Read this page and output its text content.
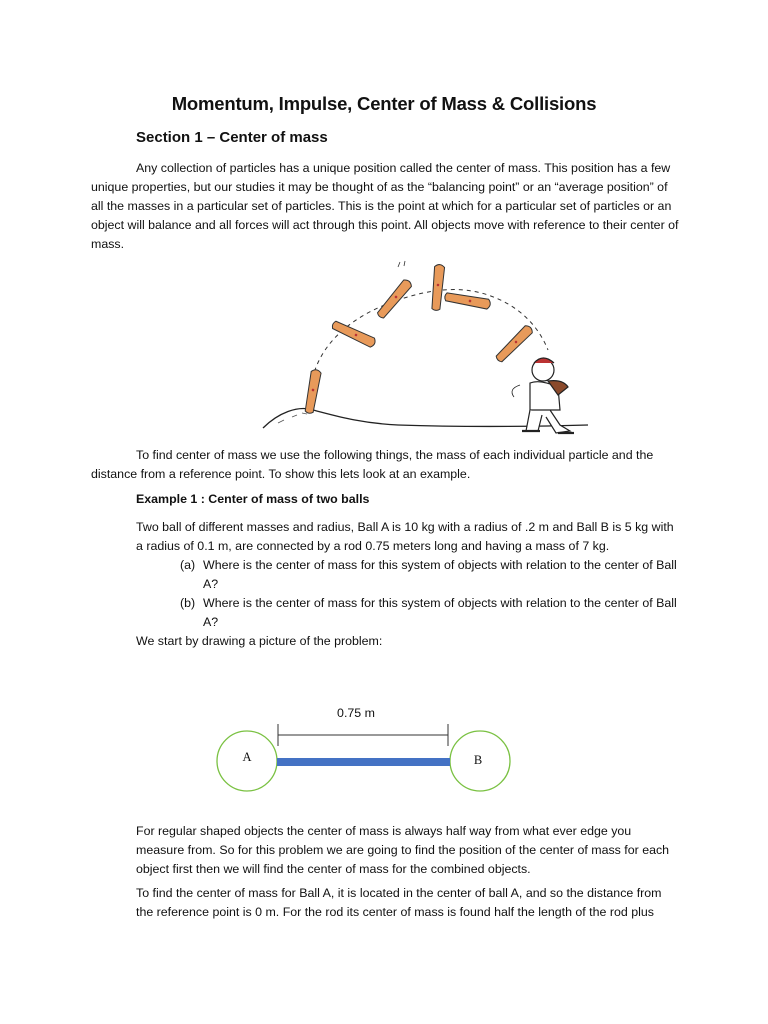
Momentum, Impulse, Center of Mass & Collisions
Section 1 – Center of mass
Any collection of particles has a unique position called the center of mass. This position has a few unique properties, but our studies it may be thought of as the “balancing point” or an “average position” of all the masses in a particular set of particles. This is the point at which for a particular set of particles or an object will balance and all forces will act through this point. All objects move with reference to their center of mass.
To find center of mass we use the following things, the mass of each individual particle and the distance from a reference point. To show this lets look at an example.
Example 1 : Center of mass of two balls
Two ball of different masses and radius, Ball A is 10 kg with a radius of .2 m and Ball B is 5 kg with a radius of 0.1 m, are connected by a rod 0.75 meters long and having a mass of 7 kg.
(a) Where is the center of mass for this system of objects with relation to the center of Ball A?
(b) Where is the center of mass for this system of objects with relation to the center of Ball A?
We start by drawing a picture of the problem:
0.75 m
A	B
For regular shaped objects the center of mass is always half way from what ever edge you measure from. So for this problem we are going to find the position of the center of mass for each object first then we will find the center of mass for the combined objects.
To find the center of mass for Ball A, it is located in the center of ball A, and so the distance from the reference point is 0 m. For the rod its center of mass is found half the length of the rod plus
